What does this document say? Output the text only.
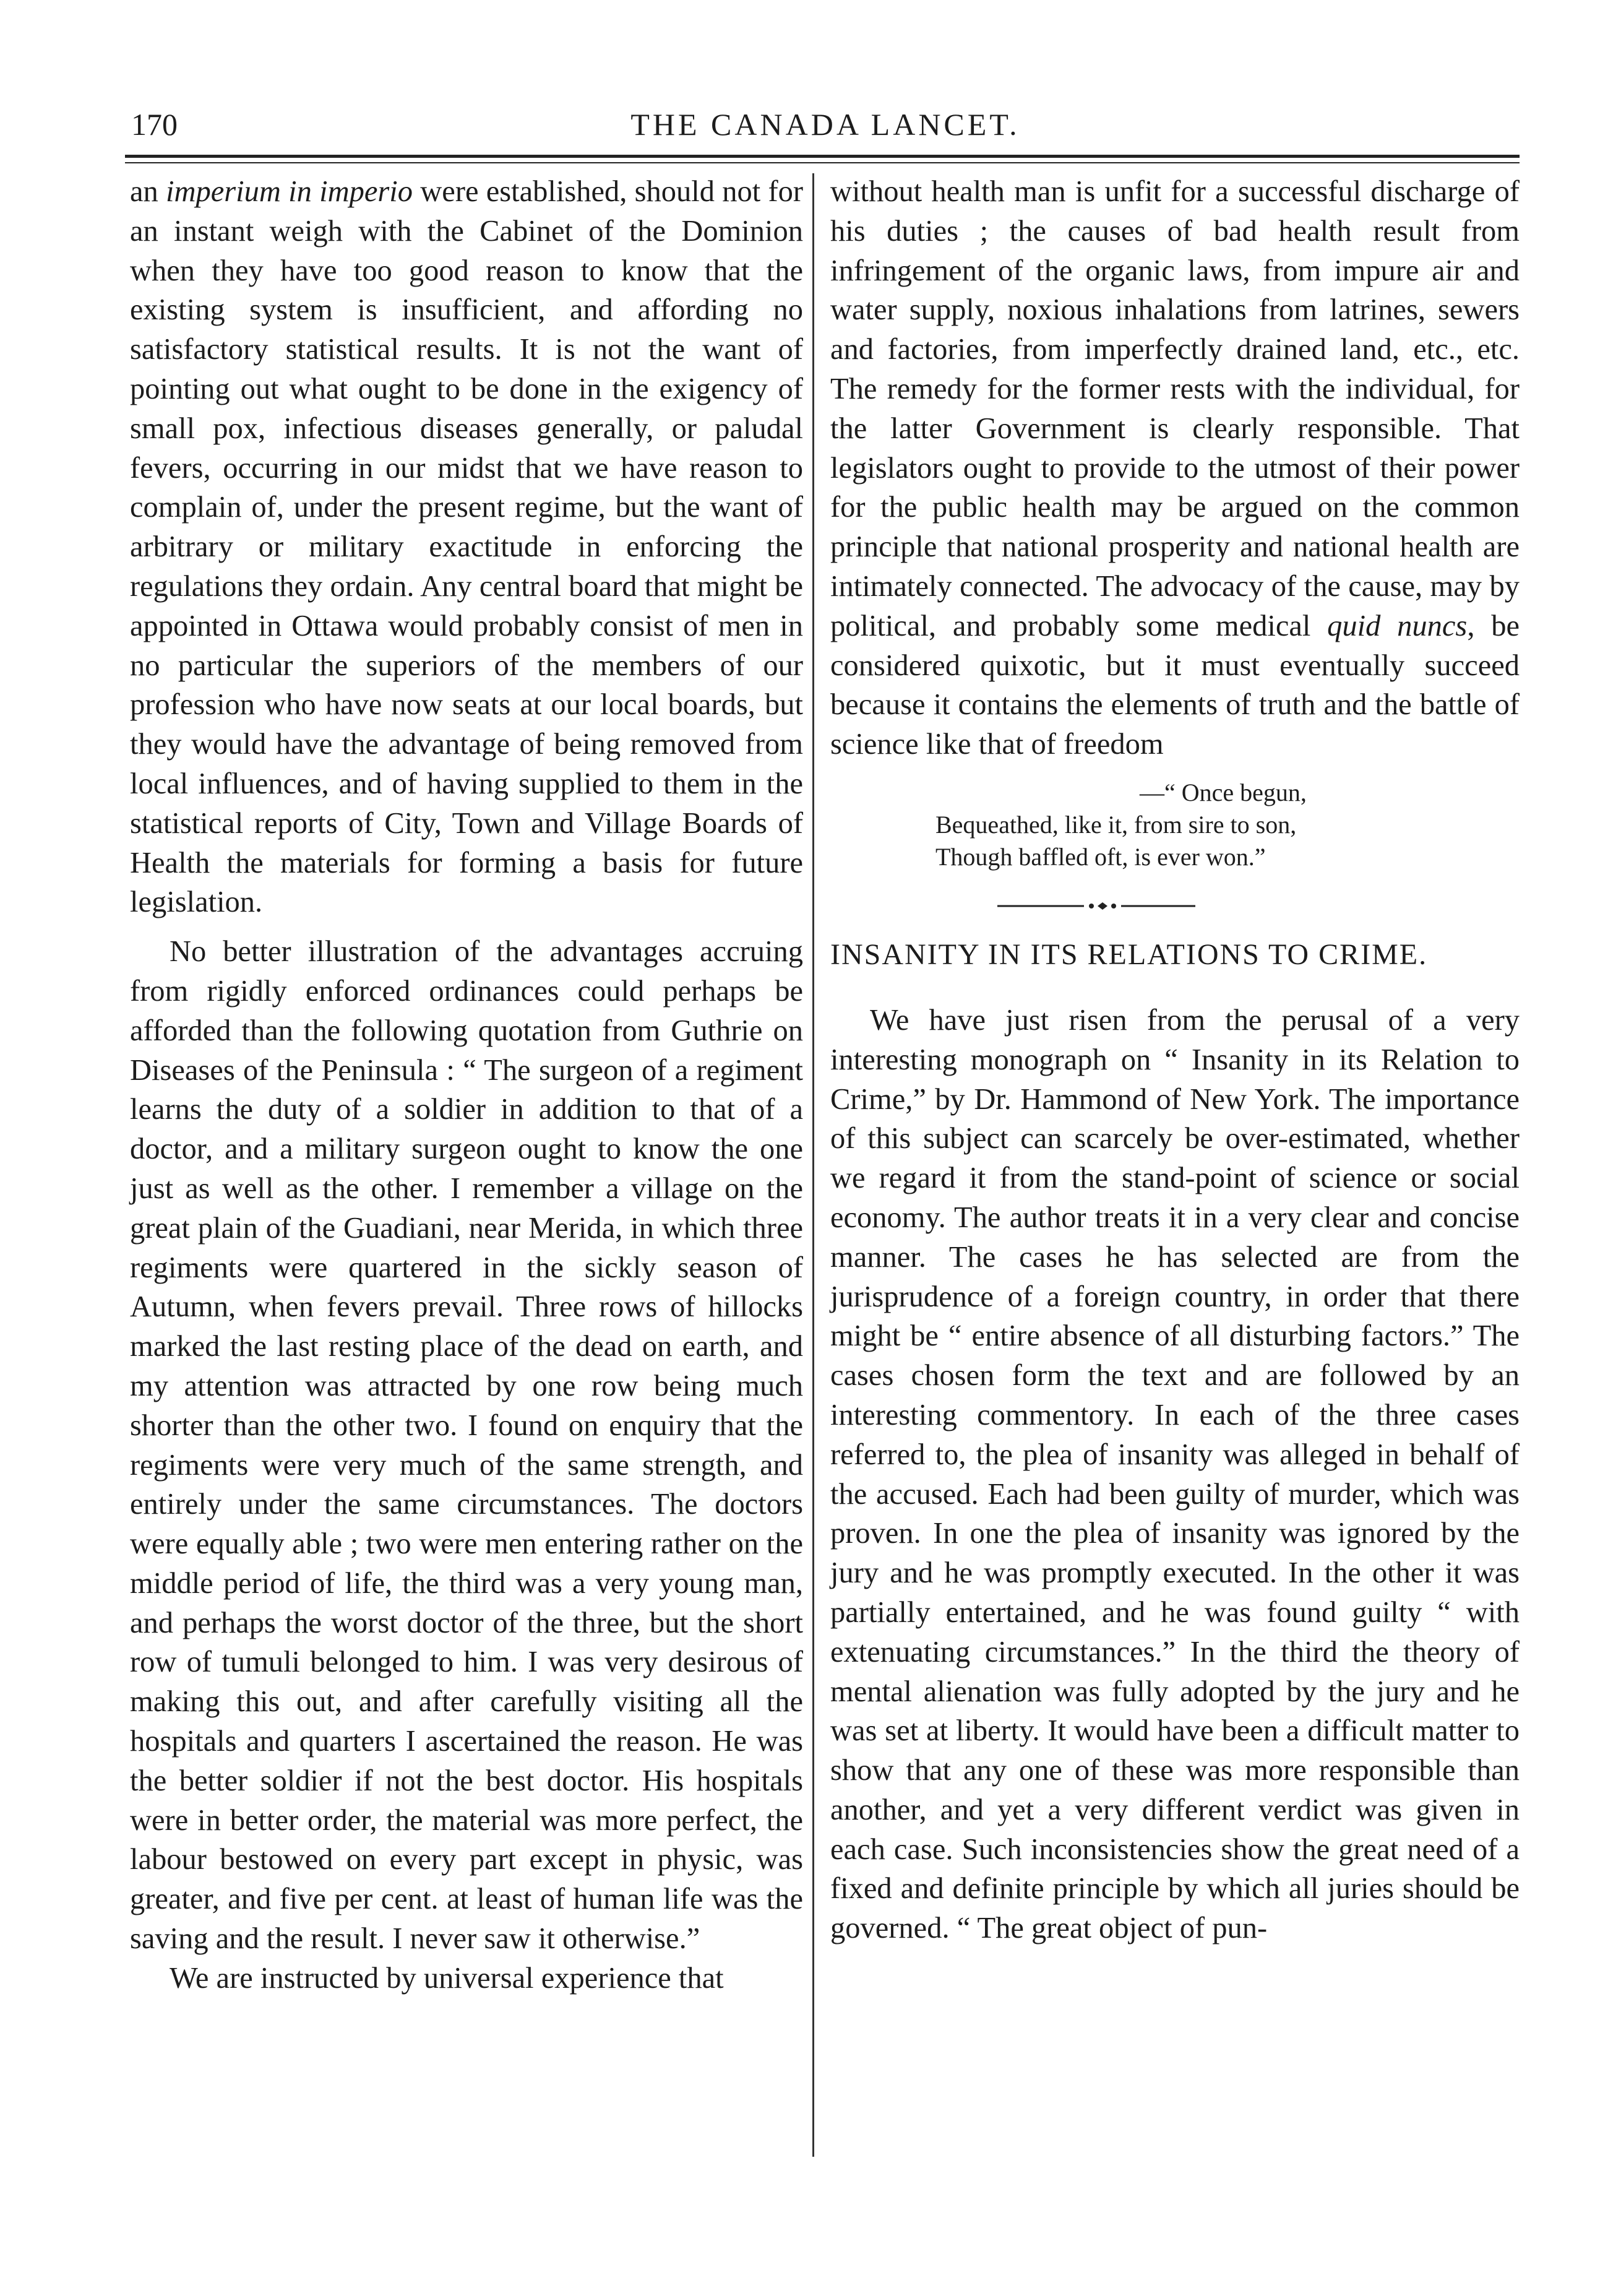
170	THE CANADA LANCET.

an imperium in imperio were established, should not for an instant weigh with the Cabinet of the Dominion when they have too good reason to know that the existing system is insufficient, and affording no satisfactory statistical results. It is not the want of pointing out what ought to be done in the exigency of small pox, infectious diseases generally, or paludal fevers, occurring in our midst that we have reason to complain of, under the present regime, but the want of arbitrary or military exactitude in enforcing the regulations they ordain. Any central board that might be appointed in Ottawa would probably consist of men in no particular the superiors of the members of our profession who have now seats at our local boards, but they would have the advantage of being removed from local influences, and of having supplied to them in the statistical reports of City, Town and Village Boards of Health the materials for forming a basis for future legislation.

No better illustration of the advantages accruing from rigidly enforced ordinances could perhaps be afforded than the following quotation from Guthrie on Diseases of the Peninsula : “ The surgeon of a regiment learns the duty of a soldier in addition to that of a doctor, and a military surgeon ought to know the one just as well as the other. I remember a village on the great plain of the Guadiani, near Merida, in which three regiments were quartered in the sickly season of Autumn, when fevers prevail. Three rows of hillocks marked the last resting place of the dead on earth, and my attention was attracted by one row being much shorter than the other two. I found on enquiry that the regiments were very much of the same strength, and entirely under the same circumstances. The doctors were equally able ; two were men entering rather on the middle period of life, the third was a very young man, and perhaps the worst doctor of the three, but the short row of tumuli belonged to him. I was very desirous of making this out, and after carefully visiting all the hospitals and quarters I ascertained the reason. He was the better soldier if not the best doctor. His hospitals were in better order, the material was more perfect, the labour bestowed on every part except in physic, was greater, and five per cent. at least of human life was the saving and the result. I never saw it otherwise.”

We are instructed by universal experience that

without health man is unfit for a successful discharge of his duties ; the causes of bad health result from infringement of the organic laws, from impure air and water supply, noxious inhalations from latrines, sewers and factories, from imperfectly drained land, etc., etc. The remedy for the former rests with the individual, for the latter Government is clearly responsible. That legislators ought to provide to the utmost of their power for the public health may be argued on the common principle that national prosperity and national health are intimately connected. The advocacy of the cause, may by political, and probably some medical quid nuncs, be considered quixotic, but it must eventually succeed because it contains the elements of truth and the battle of science like that of freedom

—“ Once begun,
Bequeathed, like it, from sire to son,
Though baffled oft, is ever won.”

INSANITY IN ITS RELATIONS TO CRIME.

We have just risen from the perusal of a very interesting monograph on “ Insanity in its Relation to Crime,” by Dr. Hammond of New York. The importance of this subject can scarcely be over-estimated, whether we regard it from the stand-point of science or social economy. The author treats it in a very clear and concise manner. The cases he has selected are from the jurisprudence of a foreign country, in order that there might be “ entire absence of all disturbing factors.” The cases chosen form the text and are followed by an interesting commentory. In each of the three cases referred to, the plea of insanity was alleged in behalf of the accused. Each had been guilty of murder, which was proven. In one the plea of insanity was ignored by the jury and he was promptly executed. In the other it was partially entertained, and he was found guilty “ with extenuating circumstances.” In the third the theory of mental alienation was fully adopted by the jury and he was set at liberty. It would have been a difficult matter to show that any one of these was more responsible than another, and yet a very different verdict was given in each case. Such inconsistencies show the great need of a fixed and definite principle by which all juries should be governed. “ The great object of pun-
